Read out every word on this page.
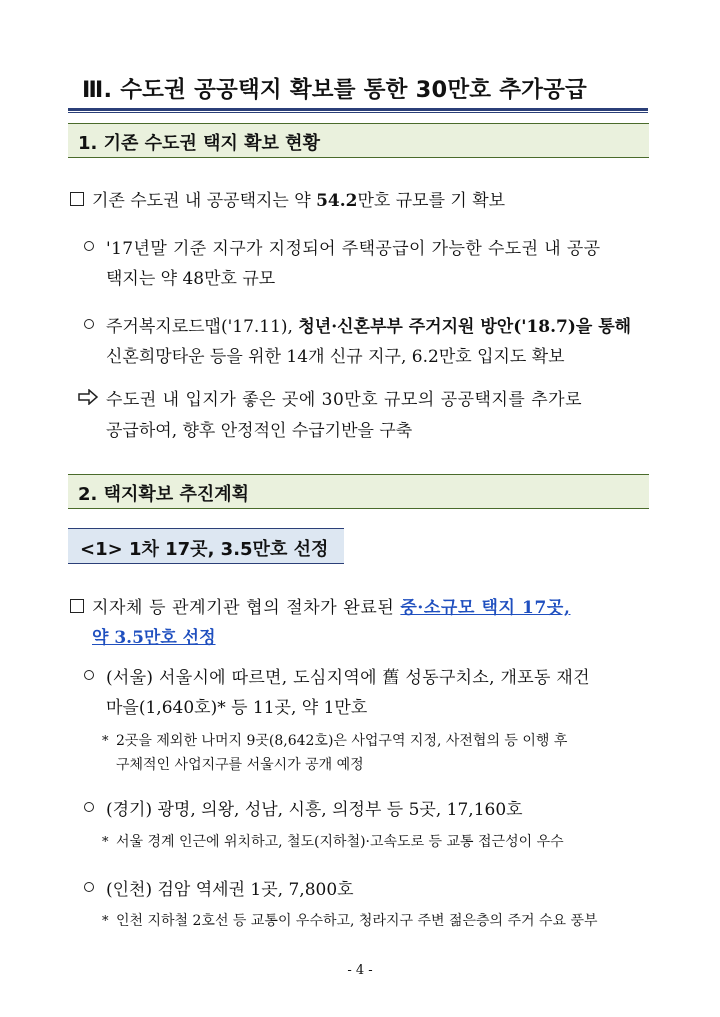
Ⅲ. 수도권 공공택지 확보를 통한 30만호 추가공급
1. 기존 수도권 택지 확보 현황
기존 수도권 내 공공택지는 약 54.2만호 규모를 기 확보
'17년말 기준 지구가 지정되어 주택공급이 가능한 수도권 내 공공
택지는 약 48만호 규모
주거복지로드맵('17.11), 청년·신혼부부 주거지원 방안('18.7)을 통해
신혼희망타운 등을 위한 14개 신규 지구, 6.2만호 입지도 확보
수도권 내 입지가 좋은 곳에 30만호 규모의 공공택지를 추가로
공급하여, 향후 안정적인 수급기반을 구축
2. 택지확보 추진계획
<1> 1차 17곳, 3.5만호 선정
지자체 등 관계기관 협의 절차가 완료된 중·소규모 택지 17곳,
약 3.5만호 선정
(서울) 서울시에 따르면, 도심지역에 舊 성동구치소, 개포동 재건
마을(1,640호)* 등 11곳, 약 1만호
* 2곳을 제외한 나머지 9곳(8,642호)은 사업구역 지정, 사전협의 등 이행 후
구체적인 사업지구를 서울시가 공개 예정
(경기) 광명, 의왕, 성남, 시흥, 의정부 등 5곳, 17,160호
* 서울 경계 인근에 위치하고, 철도(지하철)·고속도로 등 교통 접근성이 우수
(인천) 검암 역세권 1곳, 7,800호
* 인천 지하철 2호선 등 교통이 우수하고, 청라지구 주변 젊은층의 주거 수요 풍부
- 4 -
